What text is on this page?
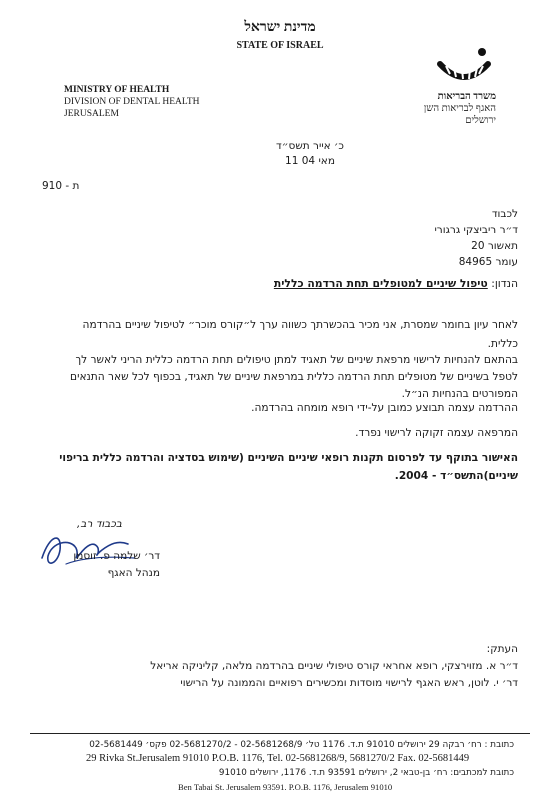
מדינת ישראל
STATE OF ISRAEL
MINISTRY OF HEALTH
DIVISION OF DENTAL HEALTH
JERUSALEM
משרד הבריאות
האגף לבריאות השן
ירושלים
כ׳ אייר תשס״ד
11 מאי 04
ת - 910
לכבוד
ד״ר ריביצקי גרגורי
תאשור 20
עומר 84965
הנדון: טיפול שיניים למטופלים תחת הרדמה כללית
לאחר עיון בחומר שמסרת, אני מכיר בהכשרתך כשווה ערך ל״קורס מוכר״ לטיפול שיניים בהרדמה
כללית.
בהתאם להנחיות לרישוי מרפאת שיניים של תאגיד למתן טיפולים תחת הרדמה כללית הריני לאשר לך
לטפל בשיניים של מטופלים תחת הרדמה כללית במרפאת שיניים של תאגיד, בכפוף לכל שאר התנאים
המפורטים בהנחיות הנ״ל.
ההרדמה עצמה תבוצע כמובן על-ידי רופא מומחה בהרדמה.
המרפאה עצמה זקוקה לרישוי נפרד.
האישור בתוקף עד לפרסום תקנות רופאי שיניים השיניים (שימוש בסדציה והרדמה כללית בריפוי
שיניים)התשס״ד - 2004.
בכבוד רב,
דר׳ שלמה פ. זוסמן
מנהל האגף
העתק:
ד״ר א. מזוירצקי, רופא אחראי קורס טיפולי שיניים בהרדמה מלאה, קליניקה אריאל
דר׳ י. לוטן, ראש האגף לרישוי מוסדות ומכשירים רפואיים והממונה על הרישוי
כתובת : רח׳ רבקה 29 ירושלים 91010 ת.ד. 1176 טל׳ 02-5681268/9 - 02-5681270/2 פקס׳ 02-5681449
29 Rivka St.Jerusalem 91010 P.O.B. 1176, Tel. 02-5681268/9, 5681270/2 Fax. 02-5681449
כתובת למכתבים: רח׳ בן-טבאי 2, ירושלים 93591 ת.ד. 1176, ירושלים 91010
Ben Tabai St. Jerusalem 93591. P.O.B. 1176, Jerusalem 91010
